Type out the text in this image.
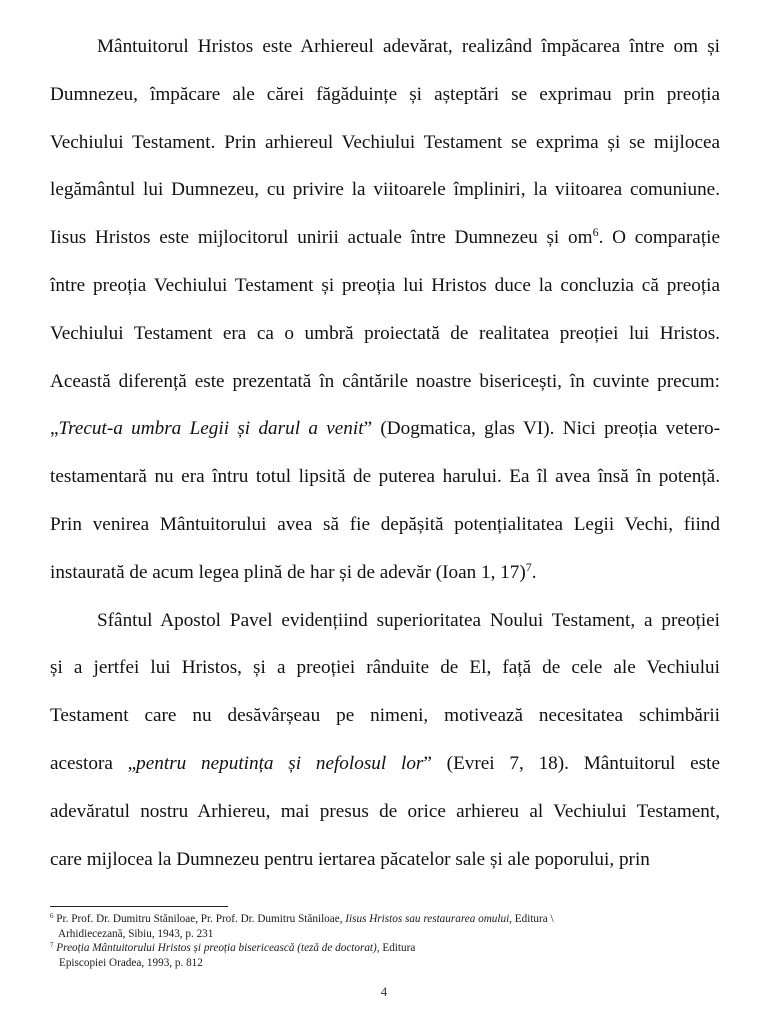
Mântuitorul Hristos este Arhiereul adevărat, realizând împăcarea între om și
Dumnezeu, împăcare ale cărei făgăduințe și așteptări se exprimau prin preoția
Vechiului Testament. Prin arhiereul Vechiului Testament se exprima și se mijlocea
legământul lui Dumnezeu, cu privire la viitoarele împliniri, la viitoarea comuniune.
Iisus Hristos este mijlocitorul unirii actuale între Dumnezeu și $om^6$. O comparație
între preoția Vechiului Testament și preoția lui Hristos duce la concluzia că preoția
Vechiului Testament era ca o umbră proiectată de realitatea preoției lui Hristos.
Această diferență este prezentată în cântările noastre bisericești, în cuvinte precum:
„Trecut-a umbra Legii și darul a venit” (Dogmatica, glas VI). Nici preoția vetero-
testamentară nu era întru totul lipsită de puterea harului. Ea îl avea însă în potență.
Prin venirea Mântuitorului avea să fie depășită potențialitatea Legii Vechi, fiind
instaurată de acum legea plină de har și de adevăr (Ioan 1, 17)$^7$.
Sfântul Apostol Pavel evidențiind superioritatea Noului Testament, a preoției
și a jertfei lui Hristos, și a preoției rânduite de El, față de cele ale Vechiului
Testament care nu desăvârșeau pe nimeni, motivează necesitatea schimbării
acestora „pentru neputința și nefolosul lor” (Evrei 7, 18). Mântuitorul este
adevăratul nostru Arhiereu, mai presus de orice arhiereu al Vechiului Testament,
care mijlocea la Dumnezeu pentru iertarea păcatelor sale și ale poporului, prin
$^6$ Pr. Prof. Dr. Dumitru Stăniloae, Pr. Prof. Dr. Dumitru Stăniloae, Iisus Hristos sau restaurarea omului, Editura \
Arhidiecezană, Sibiu, 1943, p. 231
$^7$ Preoția Mântuitorului Hristos și preoția bisericească (teză de doctorat), Editura
Episcopiei Oradea, 1993, p. 812
4
